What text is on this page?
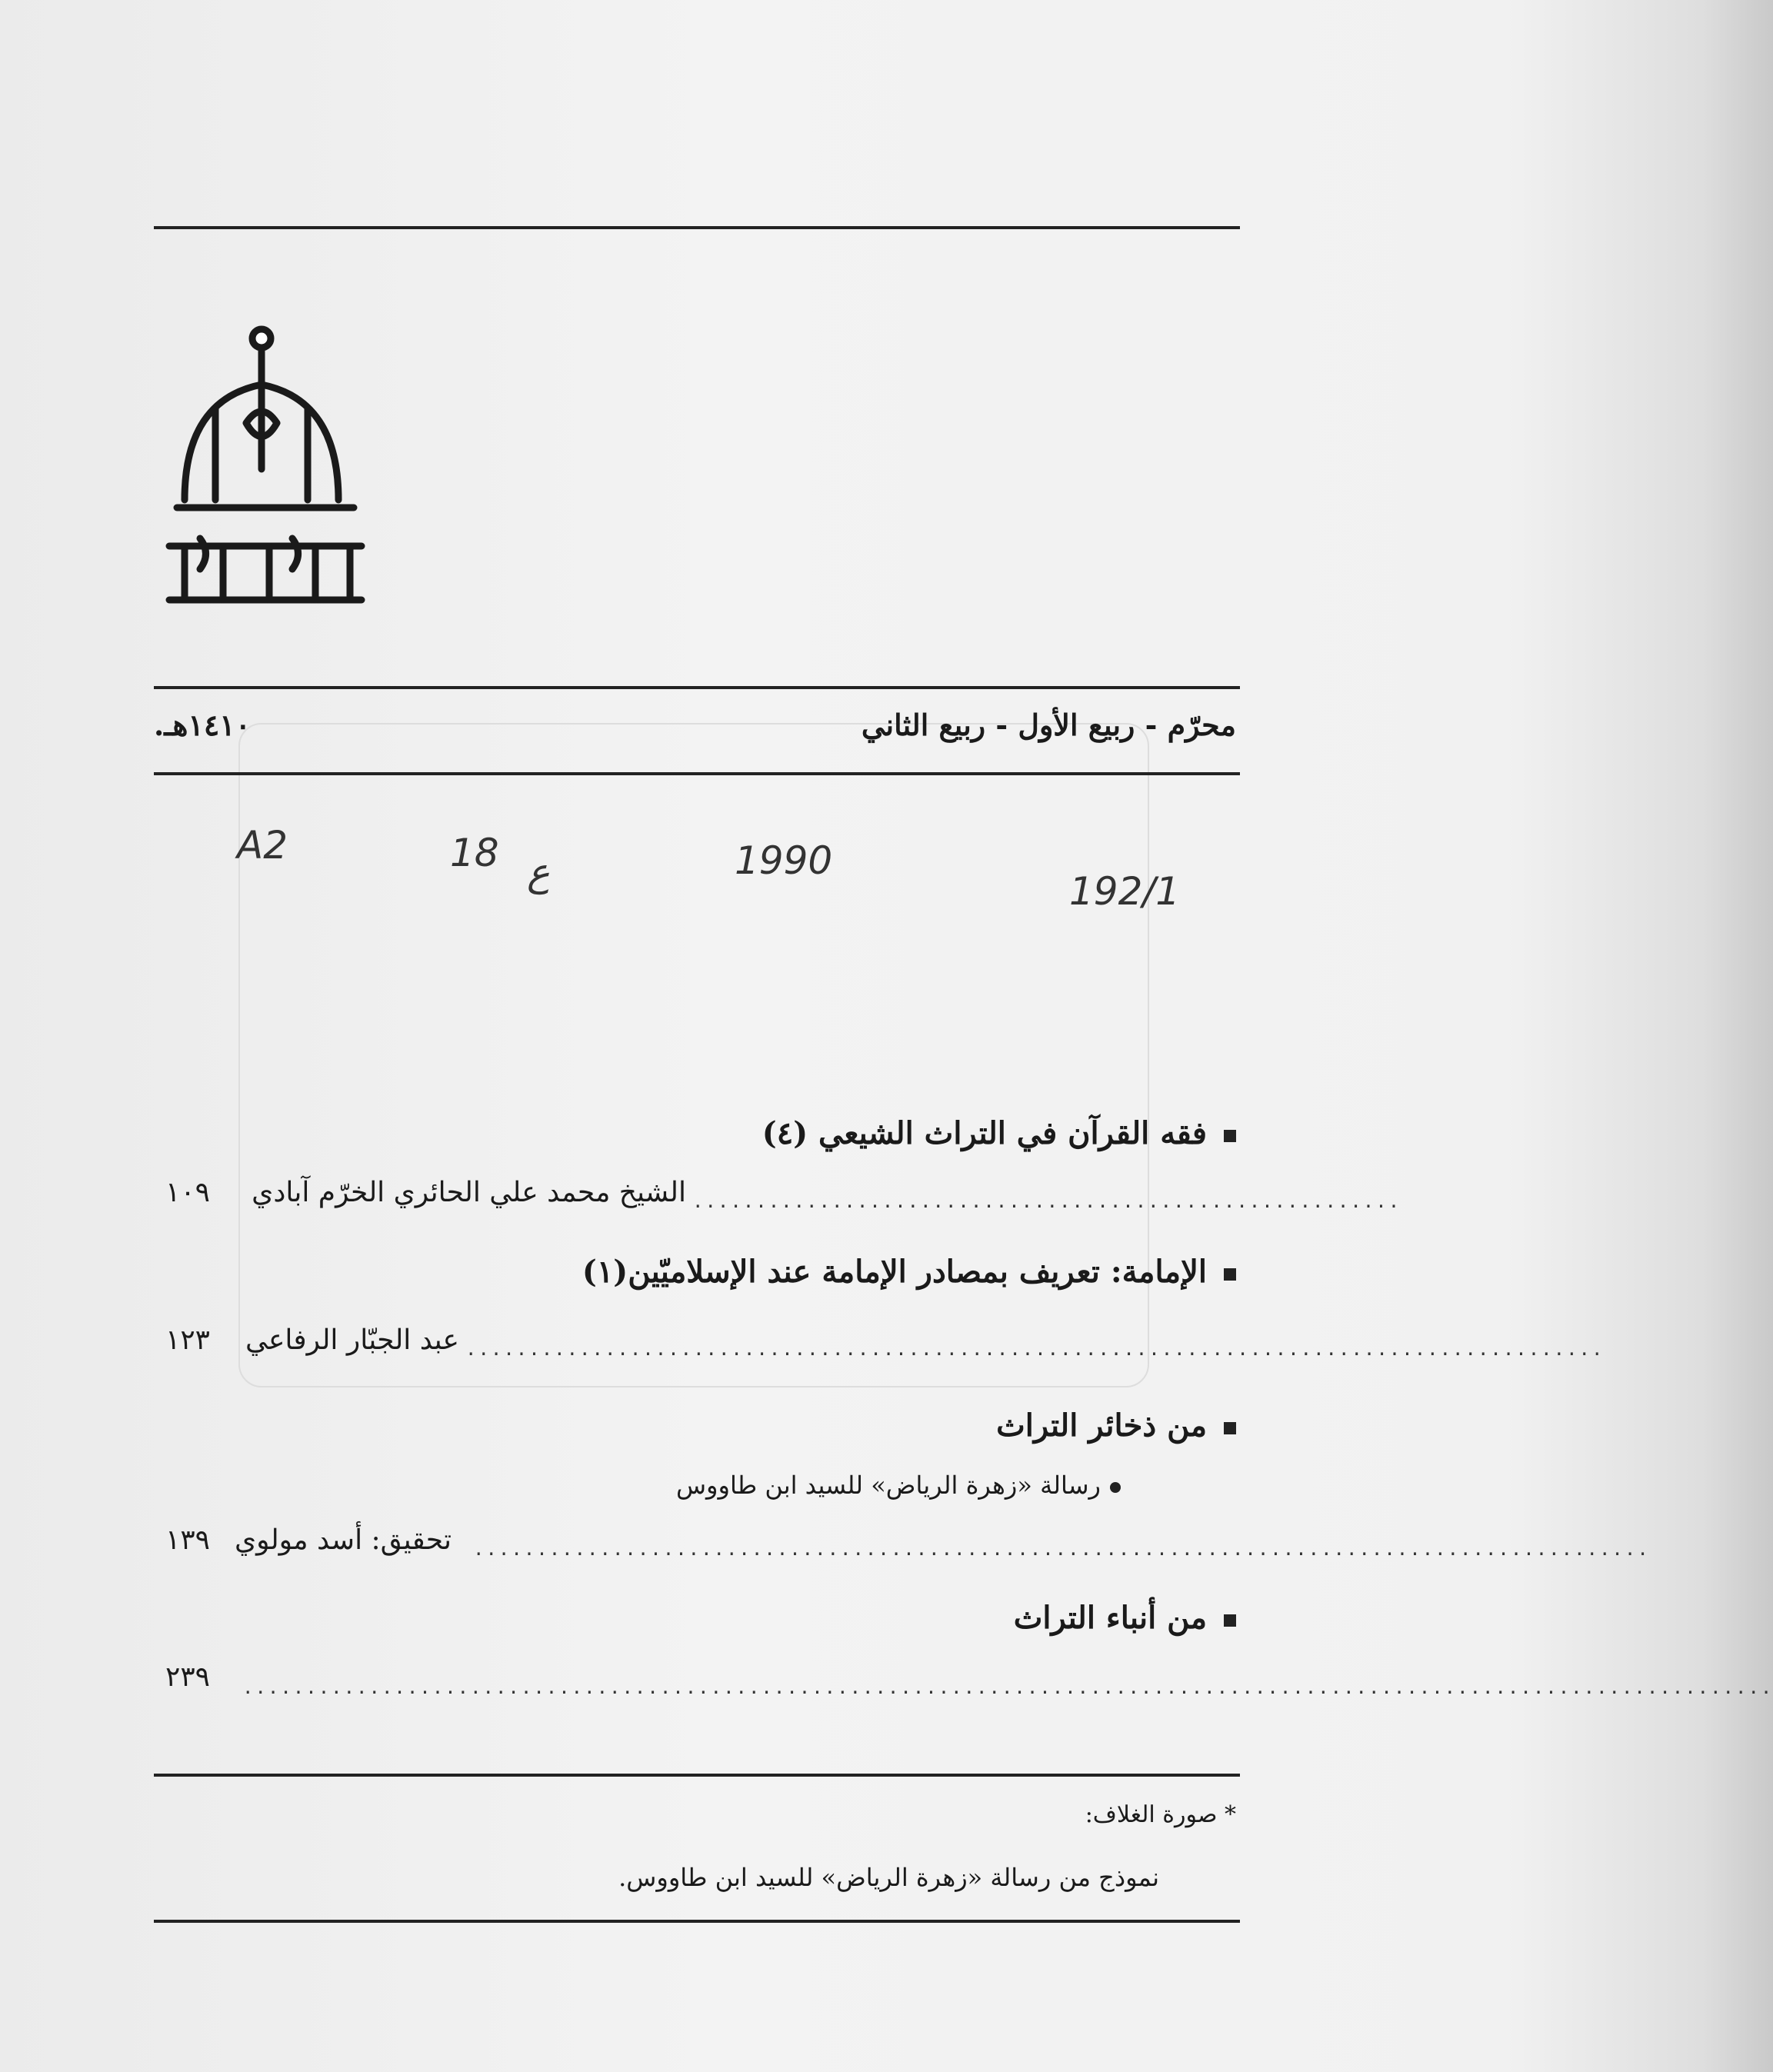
محرّم - ربيع الأول - ربيع الثاني
١٤١٠هـ.
A2	18 ع	1990
192/1
فقه القرآن في التراث الشيعي (٤)
الشيخ محمد علي الحائري الخرّم آبادي ........................................................
١٠٩
الإمامة: تعريف بمصادر الإمامة عند الإسلاميّين(١)
عبد الجبّار الرفاعي ..........................................................................................
١٢٣
من ذخائر التراث
رسالة «زهرة الرياض» للسيد ابن طاووس
تحقيق: أسد مولوي .............................................................................................
١٣٩
من أنباء التراث
.........................................................................................................................
٢٣٩
* صورة الغلاف:
نموذج من رسالة «زهرة الرياض» للسيد ابن طاووس.
